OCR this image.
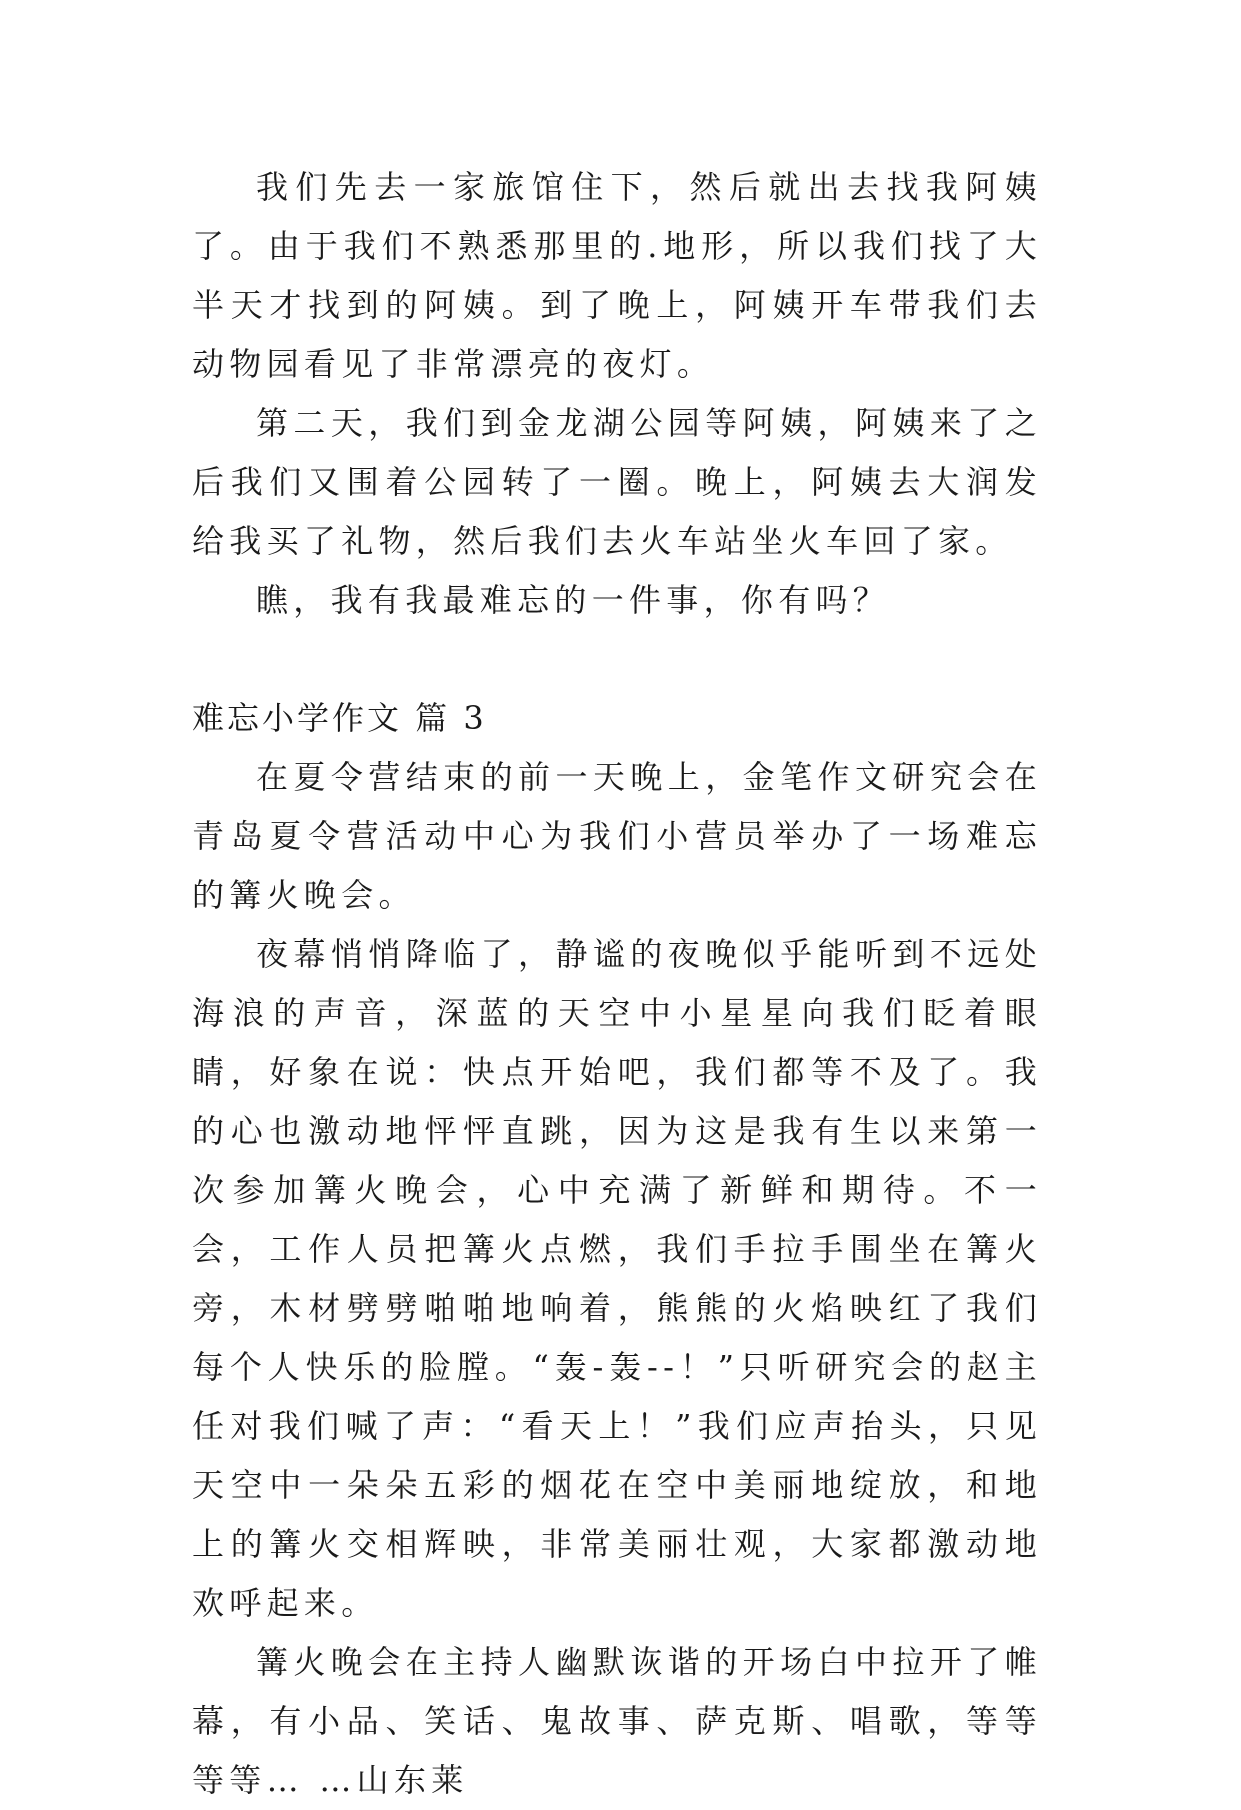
我们先去一家旅馆住下，然后就出去找我阿姨了。由于我们不熟悉那里的.地形，所以我们找了大半天才找到的阿姨。到了晚上，阿姨开车带我们去动物园看见了非常漂亮的夜灯。

第二天，我们到金龙湖公园等阿姨，阿姨来了之后我们又围着公园转了一圈。晚上，阿姨去大润发给我买了礼物，然后我们去火车站坐火车回了家。

瞧，我有我最难忘的一件事，你有吗？

难忘小学作文 篇 3

在夏令营结束的前一天晚上，金笔作文研究会在青岛夏令营活动中心为我们小营员举办了一场难忘的篝火晚会。

夜幕悄悄降临了，静谧的夜晚似乎能听到不远处海浪的声音，深蓝的天空中小星星向我们眨着眼睛，好象在说：快点开始吧，我们都等不及了。我的心也激动地怦怦直跳，因为这是我有生以来第一次参加篝火晚会，心中充满了新鲜和期待。不一会，工作人员把篝火点燃，我们手拉手围坐在篝火旁，木材劈劈啪啪地响着，熊熊的火焰映红了我们每个人快乐的脸膛。“轰-轰--！”只听研究会的赵主任对我们喊了声：“看天上！”我们应声抬头，只见天空中一朵朵五彩的烟花在空中美丽地绽放，和地上的篝火交相辉映，非常美丽壮观，大家都激动地欢呼起来。

篝火晚会在主持人幽默诙谐的开场白中拉开了帷幕，有小品、笑话、鬼故事、萨克斯、唱歌，等等等等… …山东莱
